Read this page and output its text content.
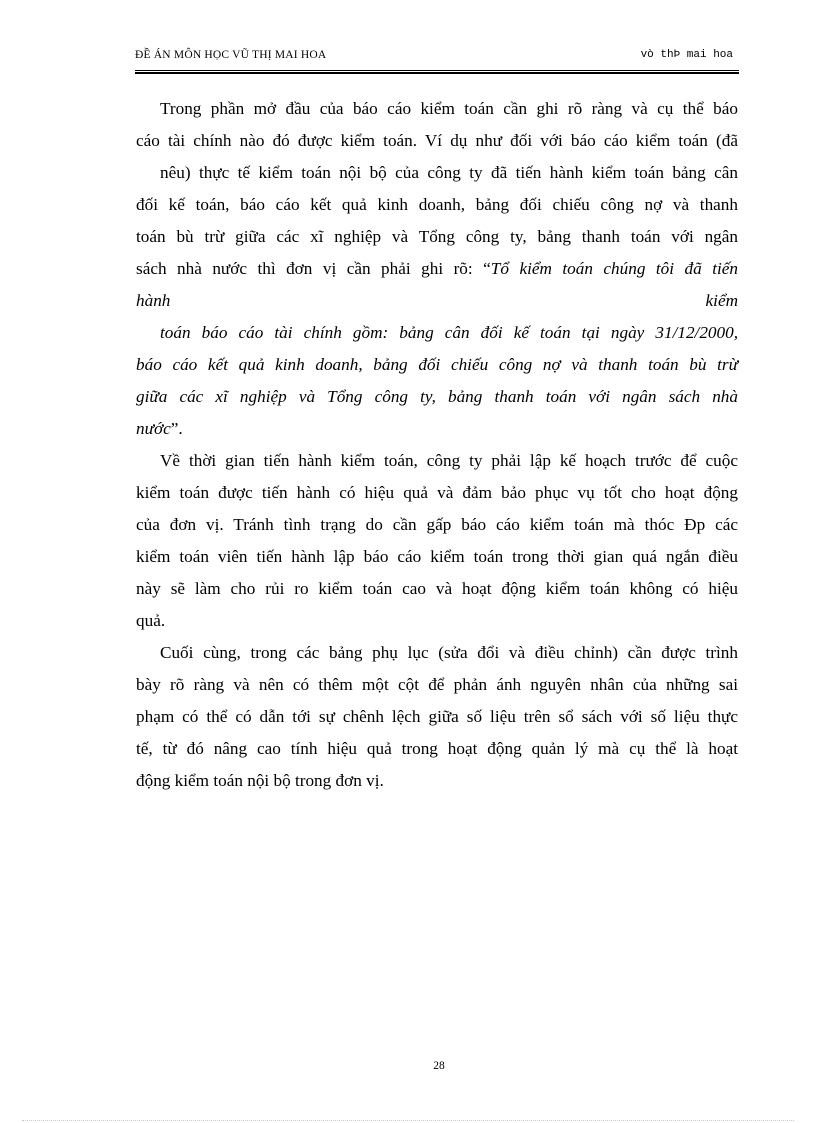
ĐỀ ÁN MÔN HỌC VŨ THỊ MAI HOA	vò thÞ mai hoa
Trong phần mở đầu của báo cáo kiểm toán cần ghi rõ ràng và cụ thể báo
cáo tài chính nào đó được kiểm toán. Ví dụ như đối với báo cáo kiểm toán (đã
nêu) thực tế kiểm toán nội bộ của công ty đã tiến hành kiểm toán bảng cân
đối kế toán, báo cáo kết quả kinh doanh, bảng đối chiếu công nợ và thanh
toán bù trừ giữa các xĩ nghiệp và Tổng công ty, bảng thanh toán với ngân
sách nhà nước thì đơn vị cần phải ghi rõ: “Tổ kiểm toán chúng tôi đã tiến
hành	kiểm
toán báo cáo tài chính gồm: bảng cân đối kế toán tại ngày 31/12/2000,
báo cáo kết quả kinh doanh, bảng đối chiếu công nợ và thanh toán bù trừ
giữa các xĩ nghiệp và Tổng công ty, bảng thanh toán với ngân sách nhà
nước”.
Về thời gian tiến hành kiểm toán, công ty phải lập kế hoạch trước để cuộc
kiểm toán được tiến hành có hiệu quả và đảm bảo phục vụ tốt cho hoạt động
của đơn vị. Tránh tình trạng do cần gấp báo cáo kiểm toán mà thóc Đp các
kiểm toán viên tiến hành lập báo cáo kiểm toán trong thời gian quá ngắn điều
này sẽ làm cho rủi ro kiểm toán cao và hoạt động kiểm toán không có hiệu
quả.
Cuối cùng, trong các bảng phụ lục (sửa đổi và điều chỉnh) cần được trình
bày rõ ràng và nên có thêm một cột để phản ánh nguyên nhân của những sai
phạm có thể có dẫn tới sự chênh lệch giữa số liệu trên sổ sách với số liệu thực
tế, từ đó nâng cao tính hiệu quả trong hoạt động quản lý mà cụ thể là hoạt
động kiểm toán nội bộ trong đơn vị.
28
